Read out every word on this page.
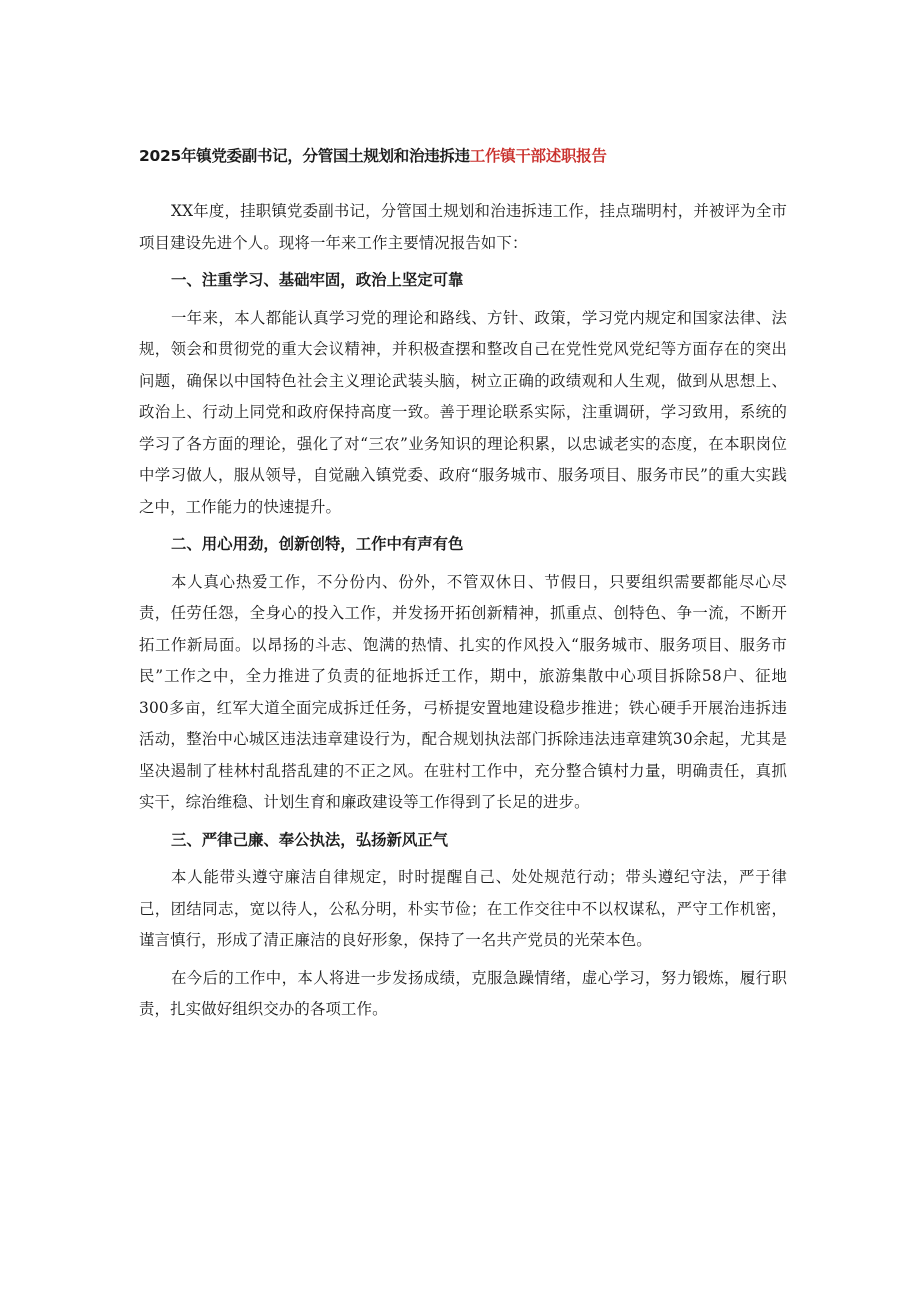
2025年镇党委副书记，分管国土规划和治违拆违工作镇干部述职报告

XX年度，挂职镇党委副书记，分管国土规划和治违拆违工作，挂点瑞明村，并被评为全市项目建设先进个人。现将一年来工作主要情况报告如下：

一、注重学习、基础牢固，政治上坚定可靠

一年来，本人都能认真学习党的理论和路线、方针、政策，学习党内规定和国家法律、法规，领会和贯彻党的重大会议精神，并积极查摆和整改自己在党性党风党纪等方面存在的突出问题，确保以中国特色社会主义理论武装头脑，树立正确的政绩观和人生观，做到从思想上、政治上、行动上同党和政府保持高度一致。善于理论联系实际，注重调研，学习致用，系统的学习了各方面的理论，强化了对“三农”业务知识的理论积累，以忠诚老实的态度，在本职岗位中学习做人，服从领导，自觉融入镇党委、政府“服务城市、服务项目、服务市民”的重大实践之中，工作能力的快速提升。

二、用心用劲，创新创特，工作中有声有色

本人真心热爱工作，不分份内、份外，不管双休日、节假日，只要组织需要都能尽心尽责，任劳任怨，全身心的投入工作，并发扬开拓创新精神，抓重点、创特色、争一流，不断开拓工作新局面。以昂扬的斗志、饱满的热情、扎实的作风投入“服务城市、服务项目、服务市民”工作之中，全力推进了负责的征地拆迁工作，期中，旅游集散中心项目拆除58户、征地300多亩，红军大道全面完成拆迁任务，弓桥提安置地建设稳步推进；铁心硬手开展治违拆违活动，整治中心城区违法违章建设行为，配合规划执法部门拆除违法违章建筑30余起，尤其是坚决遏制了桂林村乱搭乱建的不正之风。在驻村工作中，充分整合镇村力量，明确责任，真抓实干，综治维稳、计划生育和廉政建设等工作得到了长足的进步。

三、严律己廉、奉公执法，弘扬新风正气

本人能带头遵守廉洁自律规定，时时提醒自己、处处规范行动；带头遵纪守法，严于律己，团结同志，宽以待人，公私分明，朴实节俭；在工作交往中不以权谋私，严守工作机密，谨言慎行，形成了清正廉洁的良好形象，保持了一名共产党员的光荣本色。

在今后的工作中，本人将进一步发扬成绩，克服急躁情绪，虚心学习，努力锻炼，履行职责，扎实做好组织交办的各项工作。
